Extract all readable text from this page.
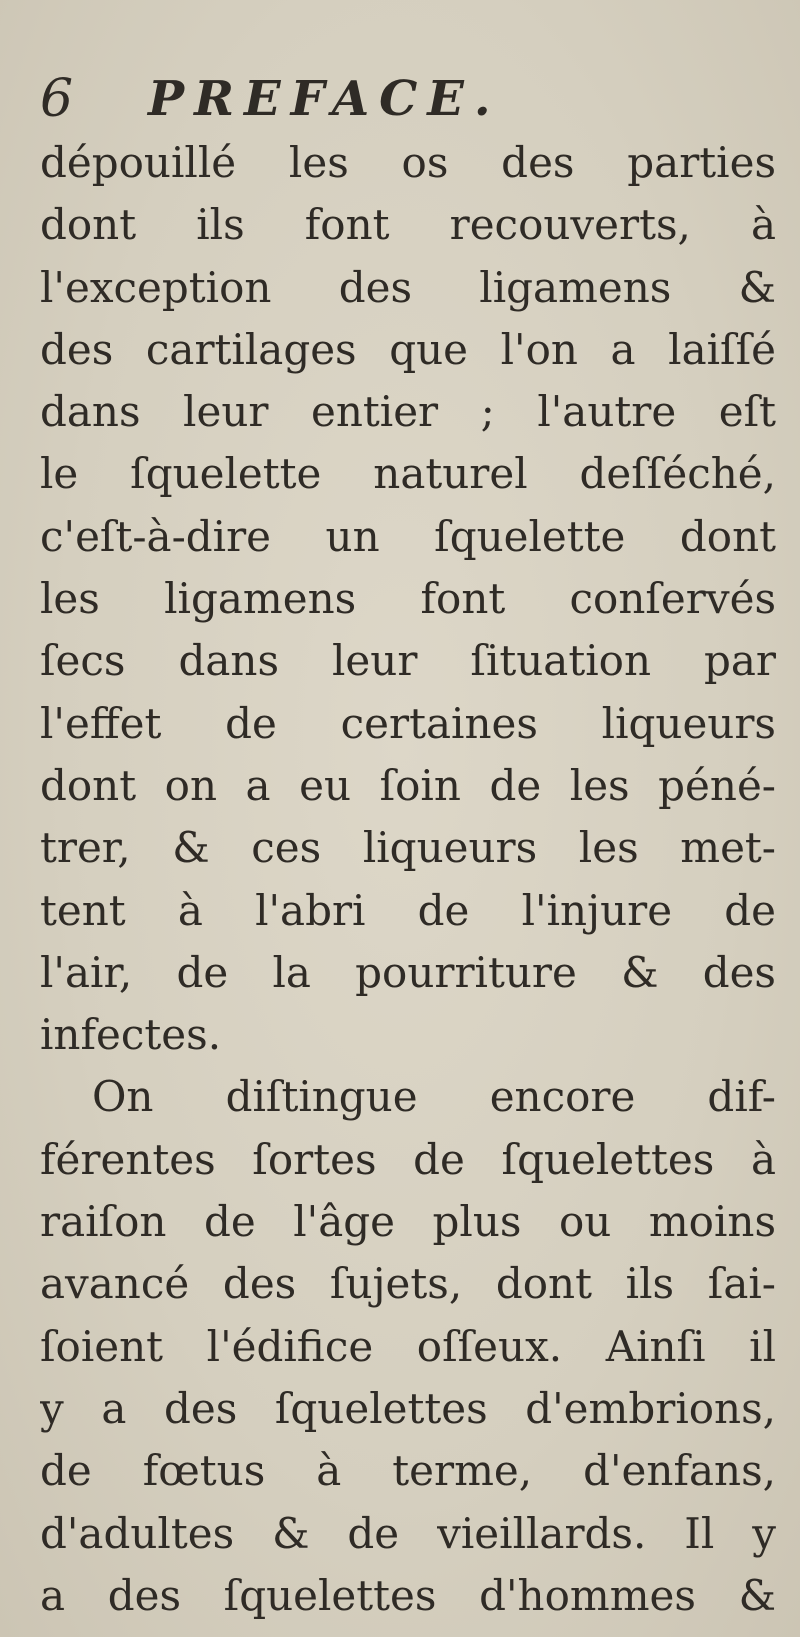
6 PREFACE.
dépouillé les os des parties
dont ils font recouverts, à
l'exception des ligamens &
des cartilages que l'on a laiſſé
dans leur entier ; l'autre eſt
le ſquelette naturel deſſéché,
c'eſt-à-dire un ſquelette dont
les ligamens font conſervés
ſecs dans leur ſituation par
l'effet de certaines liqueurs
dont on a eu ſoin de les péné-
trer, & ces liqueurs les met-
tent à l'abri de l'injure de
l'air, de la pourriture & des
infectes.
On diſtingue encore dif-
férentes ſortes de ſquelettes à
raiſon de l'âge plus ou moins
avancé des ſujets, dont ils ſai-
ſoient l'édifice oſſeux. Ainſi il
y a des ſquelettes d'embrions,
de fœtus à terme, d'enfans,
d'adultes & de vieillards. Il y
a des ſquelettes d'hommes &
